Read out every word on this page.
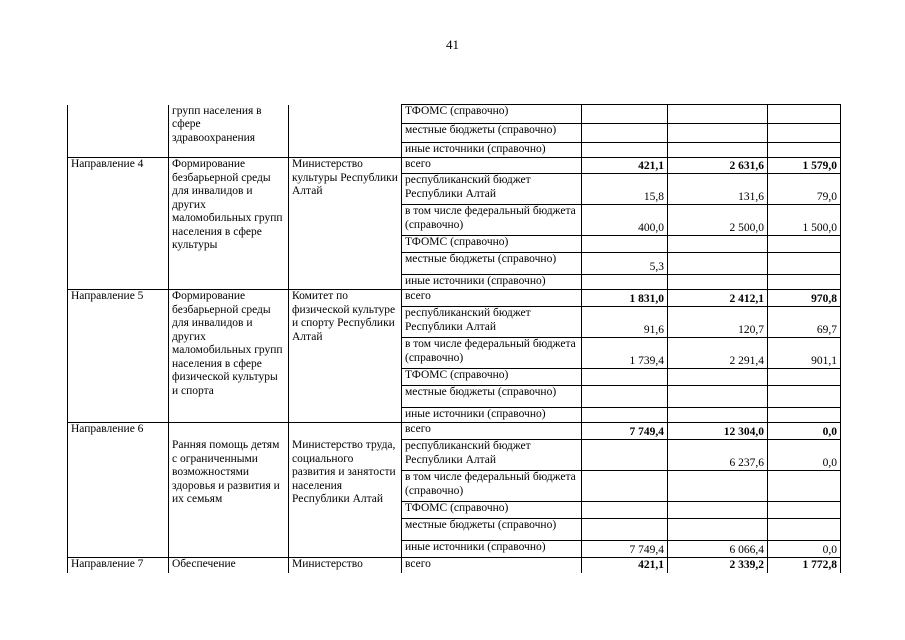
41

	групп населения в сфере здравоохранения		ТФОМС (справочно)			
			местные бюджеты (справочно)			
			иные источники (справочно)			

Направление 4	Формирование безбарьерной среды для инвалидов и других маломобильных групп населения в сфере культуры	Министерство культуры Республики Алтай	всего	421,1	2 631,6	1 579,0
			республиканский бюджет Республики Алтай	15,8	131,6	79,0
			в том числе федеральный бюджета (справочно)	400,0	2 500,0	1 500,0
			ТФОМС (справочно)			
			местные бюджеты (справочно)	5,3		
			иные источники (справочно)			

Направление 5	Формирование безбарьерной среды для инвалидов и других маломобильных групп населения в сфере физической культуры и спорта	Комитет по физической культуре и спорту Республики Алтай	всего	1 831,0	2 412,1	970,8
			республиканский бюджет Республики Алтай	91,6	120,7	69,7
			в том числе федеральный бюджета (справочно)	1 739,4	2 291,4	901,1
			ТФОМС (справочно)			
			местные бюджеты (справочно)			
			иные источники (справочно)			

Направление 6	Ранняя помощь детям с ограниченными возможностями здоровья и развития и их семьям	Министерство труда, социального развития и занятости населения Республики Алтай	всего	7 749,4	12 304,0	0,0
			республиканский бюджет Республики Алтай		6 237,6	0,0
			в том числе федеральный бюджета (справочно)			
			ТФОМС (справочно)			
			местные бюджеты (справочно)			
			иные источники (справочно)	7 749,4	6 066,4	0,0

Направление 7	Обеспечение	Министерство	всего	421,1	2 339,2	1 772,8
